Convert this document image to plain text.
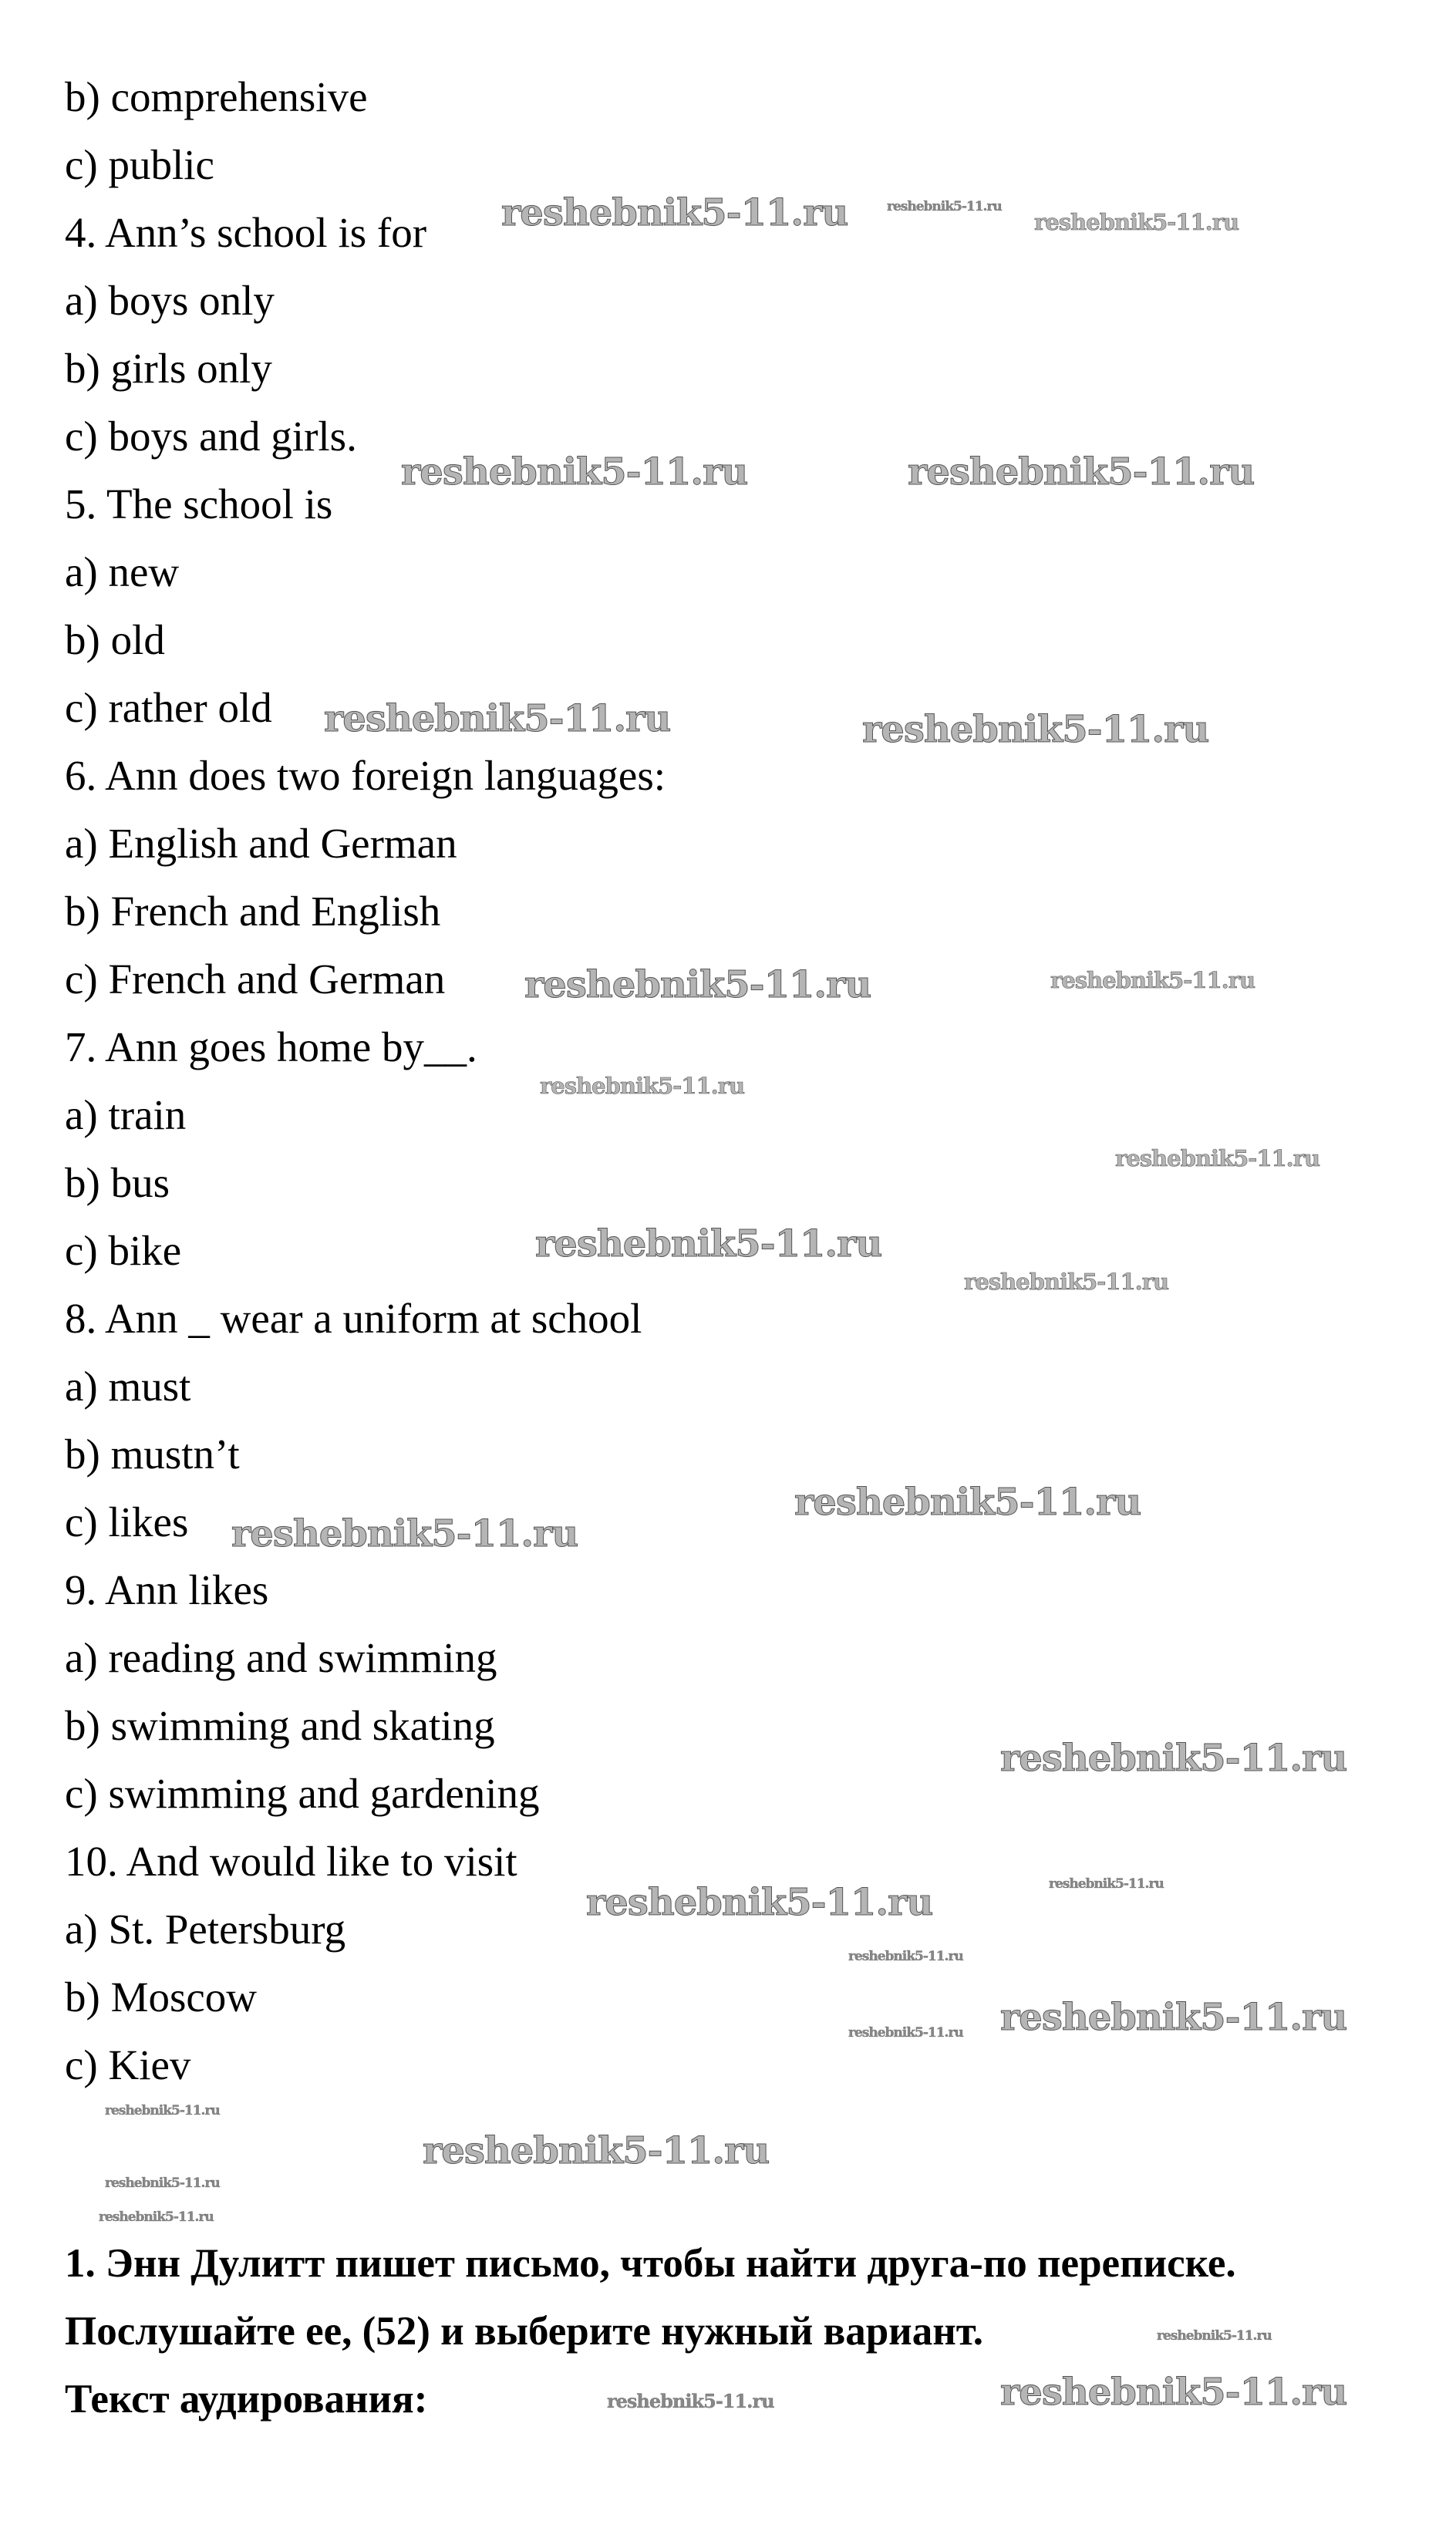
b) comprehensive
c) public
4. Ann’s school is for
a) boys only
b) girls only
c) boys and girls.
5. The school is
a) new
b) old
c) rather old
6. Ann does two foreign languages:
a) English and German
b) French and English
c) French and German
7. Ann goes home by__.
a) train
b) bus
c) bike
8. Ann _ wear a uniform at school
a) must
b) mustn’t
c) likes
9. Ann likes
a) reading and swimming
b) swimming and skating
c) swimming and gardening
10. And would like to visit
a) St. Petersburg
b) Moscow
c) Kiev
1. Энн Дулитт пишет письмо, чтобы найти друга-по переписке.
Послушайте ее, (52) и выберите нужный вариант.
Текст аудирования:
reshebnik5-11.ru
reshebnik5-11.ru	reshebnik5-11.ru
reshebnik5-11.ru	reshebnik5-11.ru
reshebnik5-11.ru
reshebnik5-11.ru
reshebnik5-11.ru
reshebnik5-11.ru
reshebnik5-11.ru
reshebnik5-11.ru
reshebnik5-11.ru
reshebnik5-11.ru
reshebnik5-11.ru
reshebnik5-11.ru
reshebnik5-11.ru
reshebnik5-11.ru
reshebnik5-11.ru
reshebnik5-11.ru
reshebnik5-11.ru
reshebnik5-11.ru
reshebnik5-11.ru
reshebnik5-11.ru
reshebnik5-11.ru
reshebnik5-11.ru
reshebnik5-11.ru
reshebnik5-11.ru
reshebnik5-11.ru
